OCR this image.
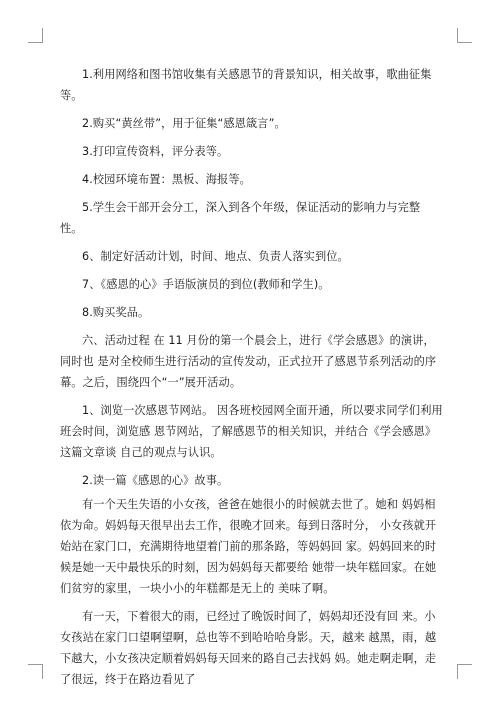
1.利用网络和图书馆收集有关感恩节的背景知识，相关故事，歌曲征集等。

2.购买“黄丝带”，用于征集“感恩箴言”。

3.打印宣传资料，评分表等。

4.校园环境布置：黑板、海报等。

5.学生会干部开会分工，深入到各个年级，保证活动的影响力与完整 性。

6、制定好活动计划，时间、地点、负责人落实到位。

7、《感恩的心》手语版演员的到位(教师和学生)。

8.购买奖品。

六、活动过程 在 11 月份的第一个晨会上，进行《学会感恩》的演讲，同时也 是对全校师生进行活动的宣传发动，正式拉开了感恩节系列活动的序 幕。之后，围绕四个“一”展开活动。

1、浏览一次感恩节网站。 因各班校园网全面开通，所以要求同学们利用班会时间，浏览感 恩节网站，了解感恩节的相关知识，并结合《学会感恩》这篇文章谈 自己的观点与认识。

2.读一篇《感恩的心》故事。

有一个天生失语的小女孩，爸爸在她很小的时候就去世了。她和 妈妈相依为命。妈妈每天很早出去工作，很晚才回来。每到日落时分， 小女孩就开始站在家门口，充满期待地望着门前的那条路，等妈妈回 家。妈妈回来的时候是她一天中最快乐的时刻，因为妈妈每天都要给 她带一块年糕回家。在她们贫穷的家里，一块小小的年糕都是无上的 美味了啊。

有一天，下着很大的雨，已经过了晚饭时间了，妈妈却还没有回 来。小女孩站在家门口望啊望啊，总也等不到哈哈哈身影。天，越来 越黑，雨，越下越大，小女孩决定顺着妈妈每天回来的路自己去找妈 妈。她走啊走啊，走了很远，终于在路边看见了
